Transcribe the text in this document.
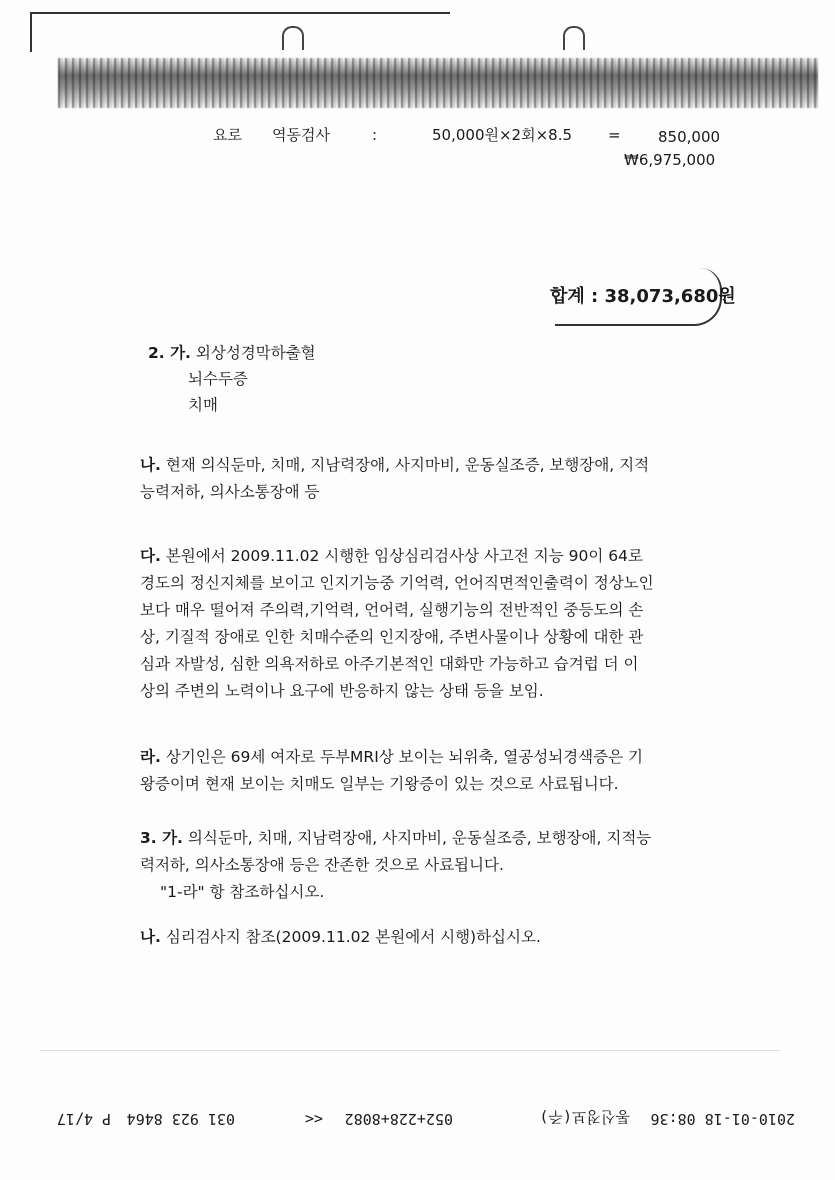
요로 역동검사	:	50,000원×2회×8.5 = 850,000
₩6,975,000
합계 : 38,073,680원
2. 가. 외상성경막하출혈
뇌수두증
치매
나. 현재 의식둔마, 치매, 지남력장애, 사지마비, 운동실조증, 보행장애, 지적
능력저하, 의사소통장애 등
다. 본원에서 2009.11.02 시행한 임상심리검사상 사고전 지능 90이 64로
경도의 정신지체를 보이고 인지기능중 기억력, 언어직면적인출력이 정상노인
보다 매우 떨어져 주의력,기억력, 언어력, 실행기능의 전반적인 중등도의 손
상, 기질적 장애로 인한 치매수준의 인지장애, 주변사물이나 상황에 대한 관
심과 자발성, 심한 의욕저하로 아주기본적인 대화만 가능하고 습겨럽 더 이
상의 주변의 노력이나 요구에 반응하지 않는 상태 등을 보임.
라. 상기인은 69세 여자로 두부MRI상 보이는 뇌위축, 열공성뇌경색증은 기
왕증이며 현재 보이는 치매도 일부는 기왕증이 있는 것으로 사료됩니다.
3. 가. 의식둔마, 치매, 지남력장애, 사지마비, 운동실조증, 보행장애, 지적능
력저하, 의사소통장애 등은 잔존한 것으로 사료됩니다.
"1-라" 항 참조하십시오.
나. 심리검사지 참조(2009.11.02 본원에서 시행)하십시오.
2010-01-18 08:36
통신정보(주)
052+228+8082
<<
031 923 8464
P 4/17
